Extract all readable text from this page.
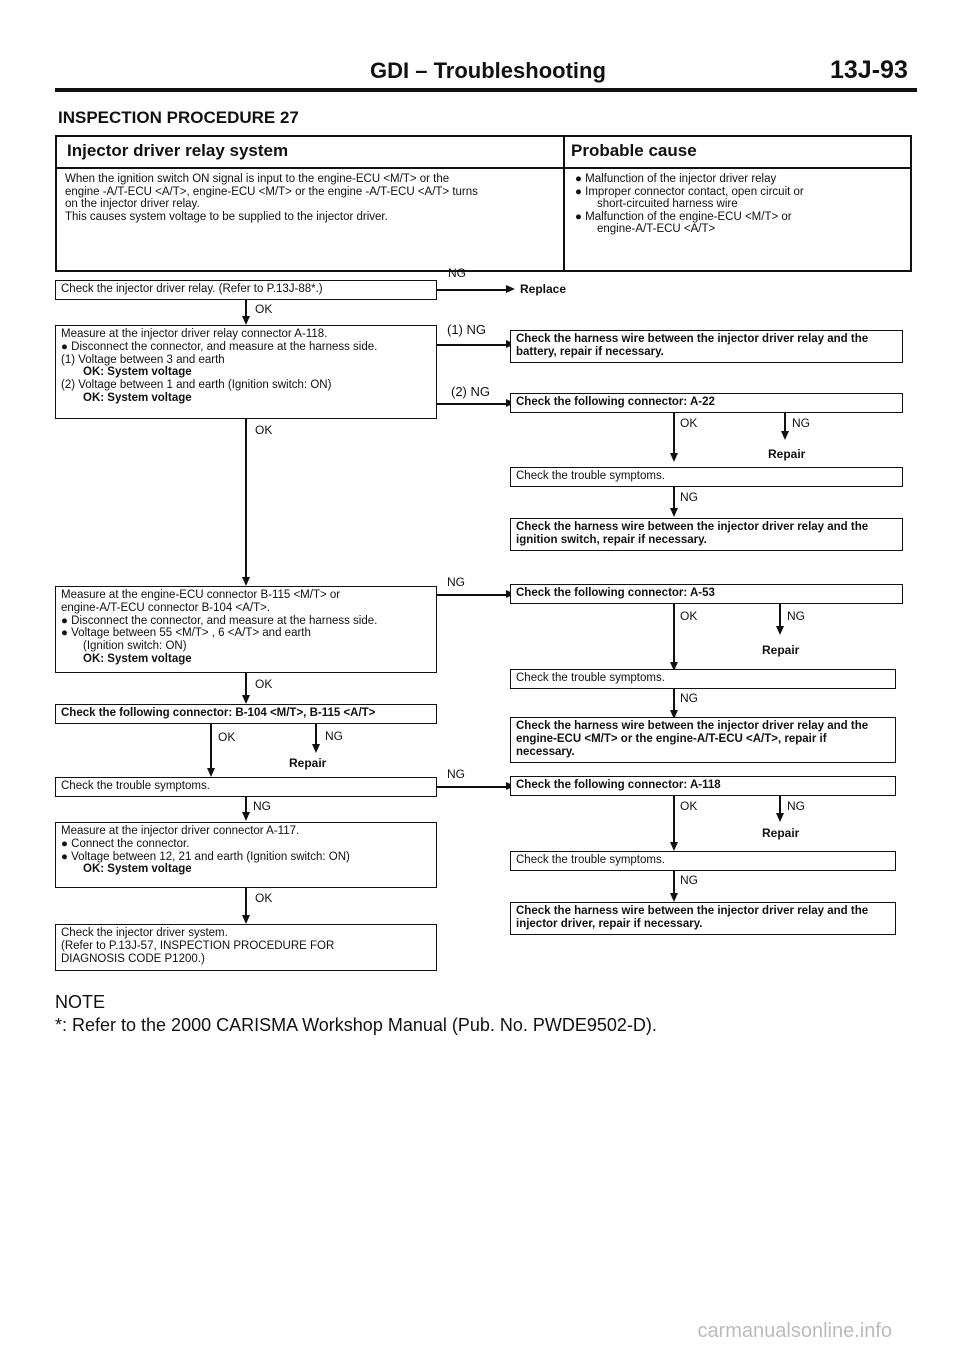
GDI – Troubleshooting	13J-93
INSPECTION PROCEDURE 27
Injector driver relay system	Probable cause
When the ignition switch ON signal is input to the engine-ECU <M/T> or the
engine -A/T-ECU <A/T>, engine-ECU <M/T> or the engine -A/T-ECU <A/T> turns
on the injector driver relay.
This causes system voltage to be supplied to the injector driver.
● Malfunction of the injector driver relay
● Improper connector contact, open circuit or
short-circuited harness wire
● Malfunction of the engine-ECU <M/T> or
engine-A/T-ECU <A/T>
Check the injector driver relay. (Refer to P.13J-88*.)
NG
Replace
OK
Measure at the injector driver relay connector A-118.
● Disconnect the connector, and measure at the harness side.
(1) Voltage between 3 and earth
OK: System voltage
(2) Voltage between 1 and earth (Ignition switch: ON)
OK: System voltage
(1) NG
(2) NG
OK
Measure at the engine-ECU connector B-115 <M/T> or
engine-A/T-ECU connector B-104 <A/T>.
● Disconnect the connector, and measure at the harness side.
● Voltage between 55 <M/T> , 6 <A/T> and earth
(Ignition switch: ON)
OK: System voltage
NG
OK
Check the following connector: B-104 <M/T>, B-115 <A/T>
OK	NG
Repair
Check the trouble symptoms.
NG
NG
Measure at the injector driver connector A-117.
● Connect the connector.
● Voltage between 12, 21 and earth (Ignition switch: ON)
OK: System voltage
OK
Check the injector driver system.
(Refer to P.13J-57, INSPECTION PROCEDURE FOR
DIAGNOSIS CODE P1200.)
Check the harness wire between the injector driver relay and the
battery, repair if necessary.
Check the following connector: A-22
OK	NG
Repair
Check the trouble symptoms.
NG
Check the harness wire between the injector driver relay and the
ignition switch, repair if necessary.
Check the following connector: A-53
OK	NG
Repair
Check the trouble symptoms.
NG
Check the harness wire between the injector driver relay and the
engine-ECU <M/T> or the engine-A/T-ECU <A/T>, repair if
necessary.
Check the following connector: A-118
OK	NG
Repair
Check the trouble symptoms.
NG
Check the harness wire between the injector driver relay and the
injector driver, repair if necessary.
NOTE
*: Refer to the 2000 CARISMA Workshop Manual (Pub. No. PWDE9502-D).
carmanualsonline.info
